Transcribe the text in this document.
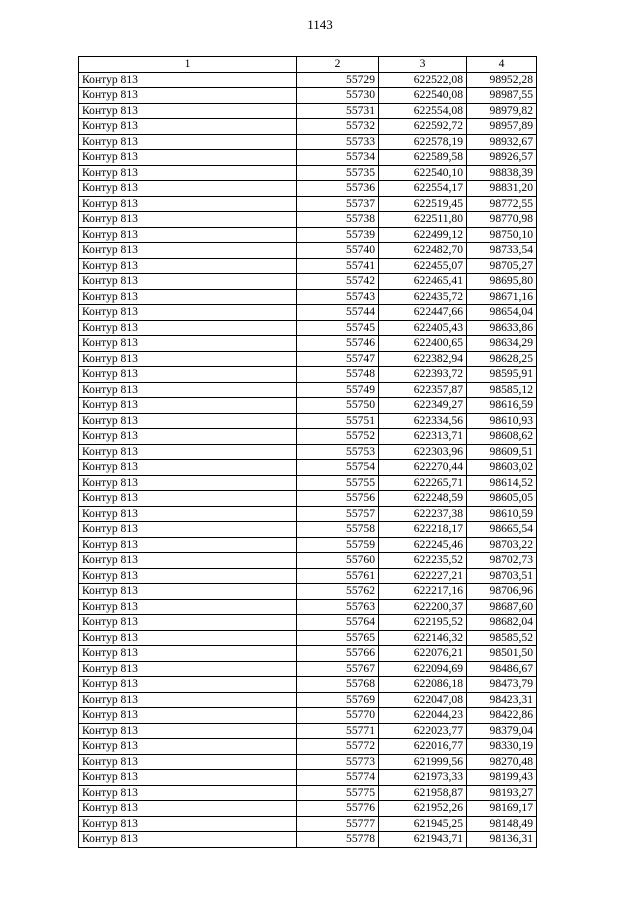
1143
1	2	3	4
Контур 813	55729	622522,08	98952,28
Контур 813	55730	622540,08	98987,55
Контур 813	55731	622554,08	98979,82
Контур 813	55732	622592,72	98957,89
Контур 813	55733	622578,19	98932,67
Контур 813	55734	622589,58	98926,57
Контур 813	55735	622540,10	98838,39
Контур 813	55736	622554,17	98831,20
Контур 813	55737	622519,45	98772,55
Контур 813	55738	622511,80	98770,98
Контур 813	55739	622499,12	98750,10
Контур 813	55740	622482,70	98733,54
Контур 813	55741	622455,07	98705,27
Контур 813	55742	622465,41	98695,80
Контур 813	55743	622435,72	98671,16
Контур 813	55744	622447,66	98654,04
Контур 813	55745	622405,43	98633,86
Контур 813	55746	622400,65	98634,29
Контур 813	55747	622382,94	98628,25
Контур 813	55748	622393,72	98595,91
Контур 813	55749	622357,87	98585,12
Контур 813	55750	622349,27	98616,59
Контур 813	55751	622334,56	98610,93
Контур 813	55752	622313,71	98608,62
Контур 813	55753	622303,96	98609,51
Контур 813	55754	622270,44	98603,02
Контур 813	55755	622265,71	98614,52
Контур 813	55756	622248,59	98605,05
Контур 813	55757	622237,38	98610,59
Контур 813	55758	622218,17	98665,54
Контур 813	55759	622245,46	98703,22
Контур 813	55760	622235,52	98702,73
Контур 813	55761	622227,21	98703,51
Контур 813	55762	622217,16	98706,96
Контур 813	55763	622200,37	98687,60
Контур 813	55764	622195,52	98682,04
Контур 813	55765	622146,32	98585,52
Контур 813	55766	622076,21	98501,50
Контур 813	55767	622094,69	98486,67
Контур 813	55768	622086,18	98473,79
Контур 813	55769	622047,08	98423,31
Контур 813	55770	622044,23	98422,86
Контур 813	55771	622023,77	98379,04
Контур 813	55772	622016,77	98330,19
Контур 813	55773	621999,56	98270,48
Контур 813	55774	621973,33	98199,43
Контур 813	55775	621958,87	98193,27
Контур 813	55776	621952,26	98169,17
Контур 813	55777	621945,25	98148,49
Контур 813	55778	621943,71	98136,31
